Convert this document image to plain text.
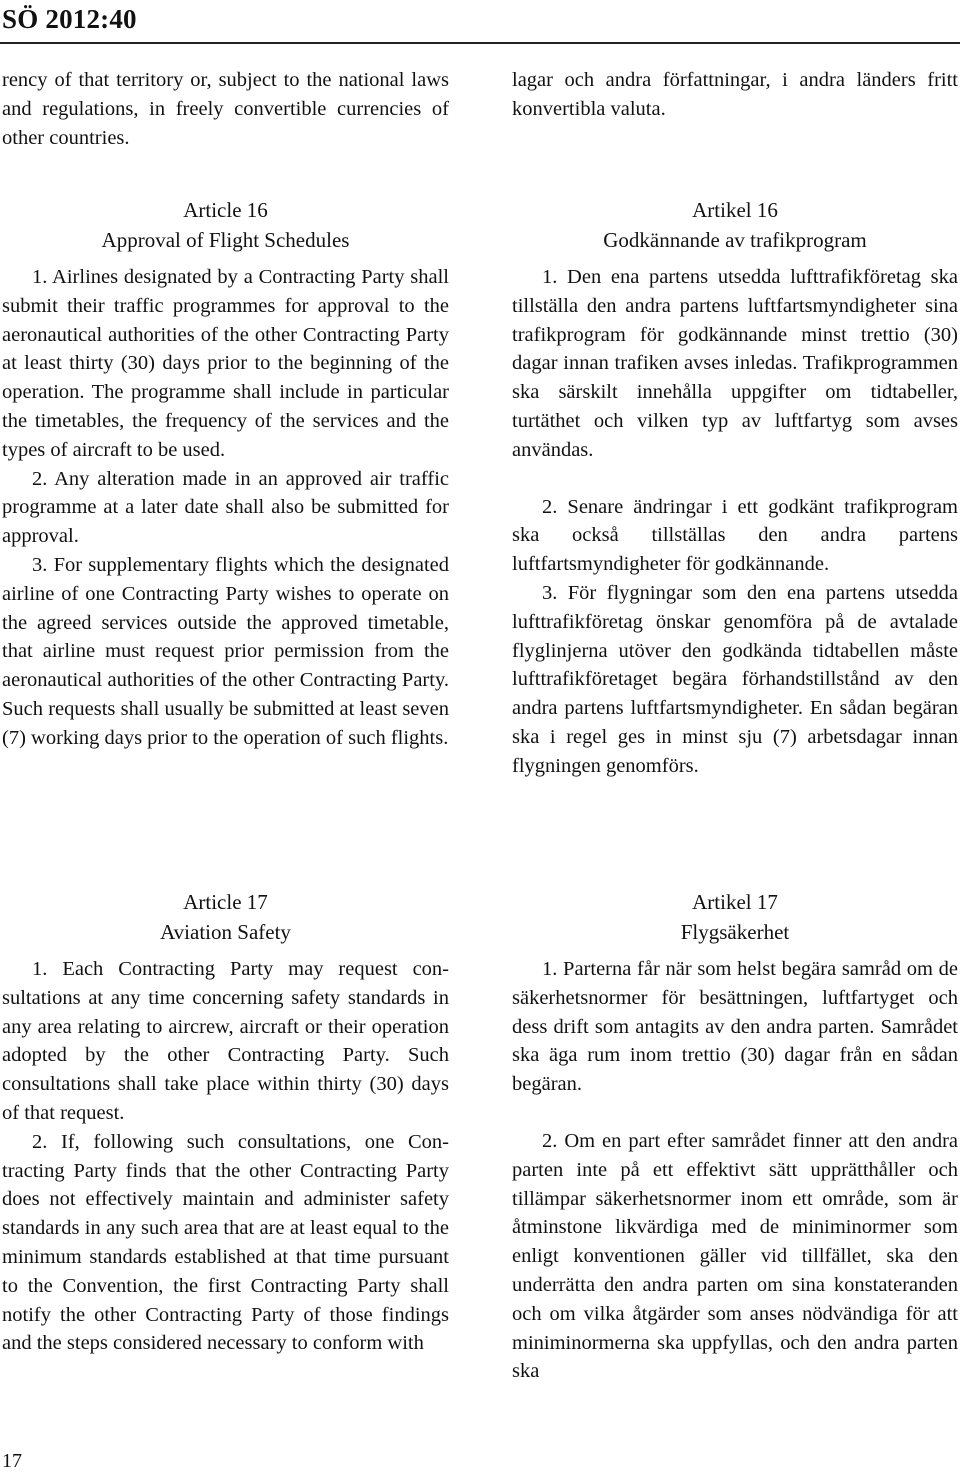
SÖ 2012:40

rency of that territory or, subject to the national laws and regulations, in freely convertible currencies of other countries.

lagar och andra författningar, i andra länders fritt konvertibla valuta.

Article 16

Approval of Flight Schedules

1. Airlines designated by a Contracting Party shall submit their traffic programmes for approval to the aeronautical authorities of the other Contracting Party at least thirty (30) days prior to the beginning of the operation. The programme shall include in particular the timetables, the frequency of the services and the types of aircraft to be used.

2. Any alteration made in an approved air traffic programme at a later date shall also be submitted for approval.

3. For supplementary flights which the designated airline of one Contracting Party wishes to operate on the agreed services outside the approved timetable, that airline must request prior permission from the aeronautical authorities of the other Contracting Party. Such requests shall usually be submitted at least seven (7) working days prior to the operation of such flights.

Artikel 16

Godkännande av trafikprogram

1. Den ena partens utsedda lufttrafikföretag ska tillställa den andra partens luftfartsmyndigheter sina trafikprogram för godkännande minst trettio (30) dagar innan trafiken avses inledas. Trafikprogrammen ska särskilt innehålla uppgifter om tidtabeller, turtäthet och vilken typ av luftfartyg som avses användas.

2. Senare ändringar i ett godkänt trafikprogram ska också tillställas den andra partens luftfartsmyndigheter för godkännande.

3. För flygningar som den ena partens utsedda lufttrafikföretag önskar genomföra på de avtalade flyglinjerna utöver den godkända tidtabellen måste lufttrafikföretaget begära förhandstillstånd av den andra partens luftfartsmyndigheter. En sådan begäran ska i regel ges in minst sju (7) arbetsdagar innan flygningen genomförs.

Article 17

Aviation Safety

1. Each Contracting Party may request consultations at any time concerning safety standards in any area relating to aircrew, aircraft or their operation adopted by the other Contracting Party. Such consultations shall take place within thirty (30) days of that request.

2. If, following such consultations, one Contracting Party finds that the other Contracting Party does not effectively maintain and administer safety standards in any such area that are at least equal to the minimum standards established at that time pursuant to the Convention, the first Contracting Party shall notify the other Contracting Party of those findings and the steps considered necessary to conform with

Artikel 17

Flygsäkerhet

1. Parterna får när som helst begära samråd om de säkerhetsnormer för besättningen, luftfartyget och dess drift som antagits av den andra parten. Samrådet ska äga rum inom trettio (30) dagar från en sådan begäran.

2. Om en part efter samrådet finner att den andra parten inte på ett effektivt sätt upprätthåller och tillämpar säkerhetsnormer inom ett område, som är åtminstone likvärdiga med de miniminormer som enligt konventionen gäller vid tillfället, ska den underrätta den andra parten om sina konstateranden och om vilka åtgärder som anses nödvändiga för att miniminormerna ska uppfyllas, och den andra parten ska

17
